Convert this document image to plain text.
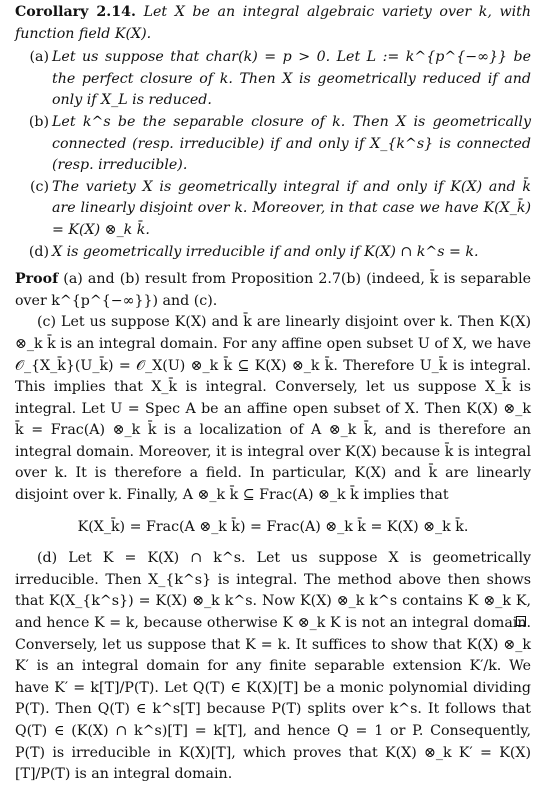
Corollary 2.14. Let X be an integral algebraic variety over k, with function field K(X).
(a) Let us suppose that char(k) = p > 0. Let L := k^{p^{−∞}} be the perfect closure of k. Then X is geometrically reduced if and only if X_L is reduced.
(b) Let k^s be the separable closure of k. Then X is geometrically connected (resp. irreducible) if and only if X_{k^s} is connected (resp. irreducible).
(c) The variety X is geometrically integral if and only if K(X) and k̄ are linearly disjoint over k. Moreover, in that case we have K(X_k̄) = K(X) ⊗_k k̄.
(d) X is geometrically irreducible if and only if K(X) ∩ k^s = k.
Proof (a) and (b) result from Proposition 2.7(b) (indeed, k̄ is separable over k^{p^{−∞}}) and (c).
(c) Let us suppose K(X) and k̄ are linearly disjoint over k. Then K(X) ⊗_k k̄ is an integral domain. For any affine open subset U of X, we have 𝒪_{X_k̄}(U_k̄) = 𝒪_X(U) ⊗_k k̄ ⊆ K(X) ⊗_k k̄. Therefore U_k̄ is integral. This implies that X_k̄ is integral. Conversely, let us suppose X_k̄ is integral. Let U = Spec A be an affine open subset of X. Then K(X) ⊗_k k̄ = Frac(A) ⊗_k k̄ is a localization of A ⊗_k k̄, and is therefore an integral domain. Moreover, it is integral over K(X) because k̄ is integral over k. It is therefore a field. In particular, K(X) and k̄ are linearly disjoint over k. Finally, A ⊗_k k̄ ⊆ Frac(A) ⊗_k k̄ implies that
K(X_k̄) = Frac(A ⊗_k k̄) = Frac(A) ⊗_k k̄ = K(X) ⊗_k k̄.
(d) Let K = K(X) ∩ k^s. Let us suppose X is geometrically irreducible. Then X_{k^s} is integral. The method above then shows that K(X_{k^s}) = K(X) ⊗_k k^s. Now K(X) ⊗_k k^s contains K ⊗_k K, and hence K = k, because otherwise K ⊗_k K is not an integral domain. Conversely, let us suppose that K = k. It suffices to show that K(X) ⊗_k K′ is an integral domain for any finite separable extension K′/k. We have K′ = k[T]/P(T). Let Q(T) ∈ K(X)[T] be a monic polynomial dividing P(T). Then Q(T) ∈ k^s[T] because P(T) splits over k^s. It follows that Q(T) ∈ (K(X) ∩ k^s)[T] = k[T], and hence Q = 1 or P. Consequently, P(T) is irreducible in K(X)[T], which proves that K(X) ⊗_k K′ = K(X)[T]/P(T) is an integral domain.
